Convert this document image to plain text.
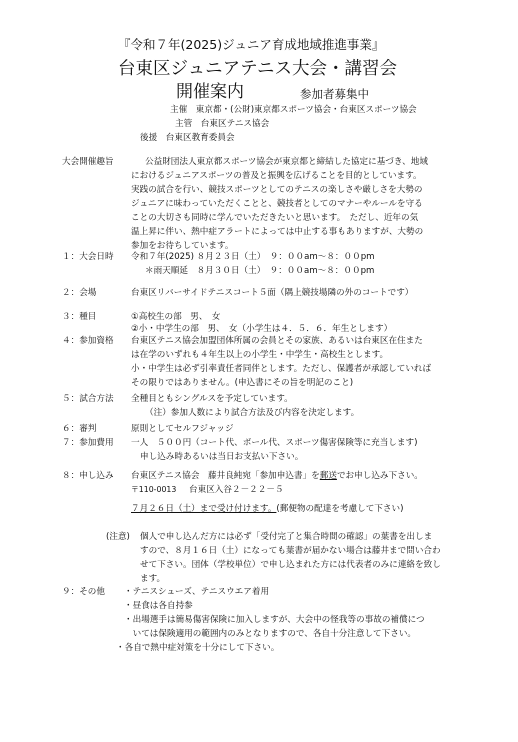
『令和７年(2025)ジュニア育成地域推進事業』
台東区ジュニアテニス大会・講習会
開催案内	参加者募集中
主催　東京都・(公財)東京都スポーツ協会・台東区スポーツ協会
主管　台東区テニス協会
後援　台東区教育委員会
大会開催趣旨	公益財団法人東京都スポーツ協会が東京都と締結した協定に基づき、地域
におけるジュニアスポーツの普及と振興を広げることを目的としています。
実践の試合を行い、競技スポーツとしてのテニスの楽しさや厳しさを大勢の
ジュニアに味わっていただくことと、競技者としてのマナーやルールを守る
ことの大切さも同時に学んでいただきたいと思います。　ただし、近年の気
温上昇に伴い、熱中症アラートによっては中止する事もありますが、大勢の
参加をお待ちしています。
１：大会日時 令和７年(2025) ８月２３日（土）　９：００am～８：００pm
＊雨天順延　８月３０日（土）　９：００am～８：００pm
２：会場	台東区リバーサイドテニスコート５面（隅上競技場隣の外のコートです）
３：種目	①高校生の部　男、　女
②小・中学生の部　男、　女（小学生は４．５．６．年生とします）
４：参加資格 台東区テニス協会加盟団体所属の会員とその家族、あるいは台東区在住また
は在学のいずれも４年生以上の小学生・中学生・高校生とします。
小・中学生は必ず引率責任者同伴とします。ただし、保護者が承認していれば
その限りではありません。(申込書にその旨を明記のこと)
５：試合方法 全種目ともシングルスを予定しています。
（注）参加人数により試合方法及び内容を決定します。
６：審判	原則としてセルフジャッジ
７：参加費用 一人　５００円（コート代、ボール代、スポーツ傷害保険等に充当します)
申し込み時あるいは当日お支払い下さい。
８：申し込み 台東区テニス協会　藤井良純宛「参加申込書」を郵送でお申し込み下さい。
〒110-0013 台東区入谷２－２２－５
７月２６日（土）まで受け付けます。(郵便物の配達を考慮して下さい)
(注意) 個人で申し込んだ方には必ず「受付完了と集合時間の確認」の葉書を出しま
すので、８月１６日（土）になっても葉書が届かない場合は藤井まで問い合わ
せて下さい。団体（学校単位）で申し込まれた方には代表者のみに連絡を致し
ます。
９：その他 ・テニスシューズ、テニスウエア着用
・昼食は各自持参
・出場選手は簡易傷害保険に加入しますが、大会中の怪我等の事故の補償につ
　いては保険適用の範囲内のみとなりますので、各自十分注意して下さい。
・各自で熱中症対策を十分にして下さい。
